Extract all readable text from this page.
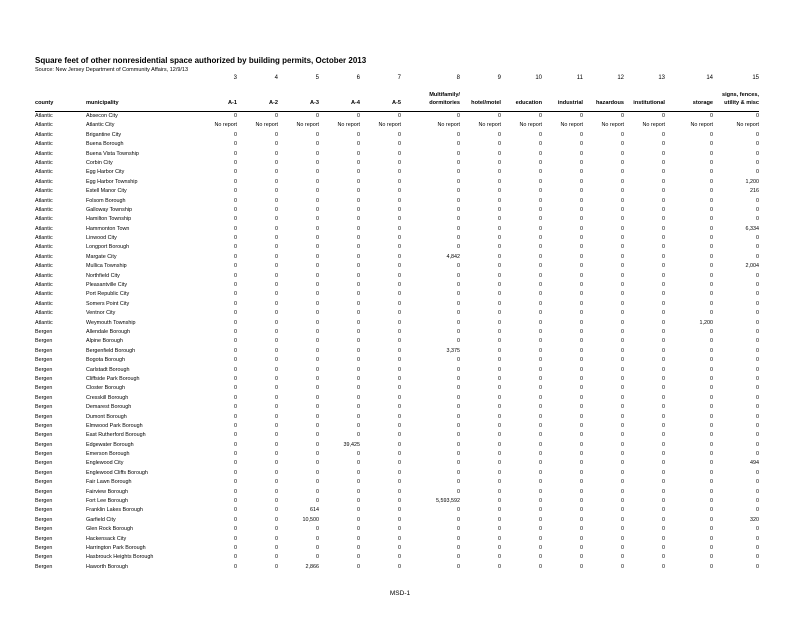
Square feet of other nonresidential space authorized by building permits, October 2013
Source: New Jersey Department of Community Affairs, 12/9/13
3	4	5	6	7	8	9	10	11	12	13	14	15
county	municipality	A-1	A-2	A-3	A-4	A-5
Multifamily/
dormitories	hotel/motel	education	industrial	hazardous	institutional	storage
signs, fences,
utility & misc
Atlantic	Absecon City	0	0	0	0	0	0	0	0	0	0	0	0	0
Atlantic	Atlantic City	No report	No report	No report	No report	No report	No report	No report	No report	No report	No report	No report	No report	No report
Atlantic	Brigantine City	0	0	0	0	0	0	0	0	0	0	0	0	0
Atlantic	Buena Borough	0	0	0	0	0	0	0	0	0	0	0	0	0
Atlantic	Buena Vista Township	0	0	0	0	0	0	0	0	0	0	0	0	0
Atlantic	Corbin City	0	0	0	0	0	0	0	0	0	0	0	0	0
Atlantic	Egg Harbor City	0	0	0	0	0	0	0	0	0	0	0	0	0
Atlantic	Egg Harbor Township	0	0	0	0	0	0	0	0	0	0	0	0	1,200
Atlantic	Estell Manor City	0	0	0	0	0	0	0	0	0	0	0	0	216
Atlantic	Folsom Borough	0	0	0	0	0	0	0	0	0	0	0	0	0
Atlantic	Galloway Township	0	0	0	0	0	0	0	0	0	0	0	0	0
Atlantic	Hamilton Township	0	0	0	0	0	0	0	0	0	0	0	0	0
Atlantic	Hammonton Town	0	0	0	0	0	0	0	0	0	0	0	0	6,334
Atlantic	Linwood City	0	0	0	0	0	0	0	0	0	0	0	0	0
Atlantic	Longport Borough	0	0	0	0	0	0	0	0	0	0	0	0	0
Atlantic	Margate City	0	0	0	0	0	4,842	0	0	0	0	0	0	0
Atlantic	Mullica Township	0	0	0	0	0	0	0	0	0	0	0	0	2,004
Atlantic	Northfield City	0	0	0	0	0	0	0	0	0	0	0	0	0
Atlantic	Pleasantville City	0	0	0	0	0	0	0	0	0	0	0	0	0
Atlantic	Port Republic City	0	0	0	0	0	0	0	0	0	0	0	0	0
Atlantic	Somers Point City	0	0	0	0	0	0	0	0	0	0	0	0	0
Atlantic	Ventnor City	0	0	0	0	0	0	0	0	0	0	0	0	0
Atlantic	Weymouth Township	0	0	0	0	0	0	0	0	0	0	0	1,200	0
Bergen	Allendale Borough	0	0	0	0	0	0	0	0	0	0	0	0	0
Bergen	Alpine Borough	0	0	0	0	0	0	0	0	0	0	0	0	0
Bergen	Bergenfield Borough	0	0	0	0	0	3,375	0	0	0	0	0	0	0
Bergen	Bogota Borough	0	0	0	0	0	0	0	0	0	0	0	0	0
Bergen	Carlstadt Borough	0	0	0	0	0	0	0	0	0	0	0	0	0
Bergen	Cliffside Park Borough	0	0	0	0	0	0	0	0	0	0	0	0	0
Bergen	Closter Borough	0	0	0	0	0	0	0	0	0	0	0	0	0
Bergen	Cresskill Borough	0	0	0	0	0	0	0	0	0	0	0	0	0
Bergen	Demarest Borough	0	0	0	0	0	0	0	0	0	0	0	0	0
Bergen	Dumont Borough	0	0	0	0	0	0	0	0	0	0	0	0	0
Bergen	Elmwood Park Borough	0	0	0	0	0	0	0	0	0	0	0	0	0
Bergen	East Rutherford Borough	0	0	0	0	0	0	0	0	0	0	0	0	0
Bergen	Edgewater Borough	0	0	0	39,425	0	0	0	0	0	0	0	0	0
Bergen	Emerson Borough	0	0	0	0	0	0	0	0	0	0	0	0	0
Bergen	Englewood City	0	0	0	0	0	0	0	0	0	0	0	0	494
Bergen	Englewood Cliffs Borough	0	0	0	0	0	0	0	0	0	0	0	0	0
Bergen	Fair Lawn Borough	0	0	0	0	0	0	0	0	0	0	0	0	0
Bergen	Fairview Borough	0	0	0	0	0	0	0	0	0	0	0	0	0
Bergen	Fort Lee Borough	0	0	0	0	0	5,593,592	0	0	0	0	0	0	0
Bergen	Franklin Lakes Borough	0	0	614	0	0	0	0	0	0	0	0	0	0
Bergen	Garfield City	0	0	10,500	0	0	0	0	0	0	0	0	0	320
Bergen	Glen Rock Borough	0	0	0	0	0	0	0	0	0	0	0	0	0
Bergen	Hackensack City	0	0	0	0	0	0	0	0	0	0	0	0	0
Bergen	Harrington Park Borough	0	0	0	0	0	0	0	0	0	0	0	0	0
Bergen	Hasbrouck Heights Borough	0	0	0	0	0	0	0	0	0	0	0	0	0
Bergen	Haworth Borough	0	0	2,866	0	0	0	0	0	0	0	0	0	0
MSD-1
